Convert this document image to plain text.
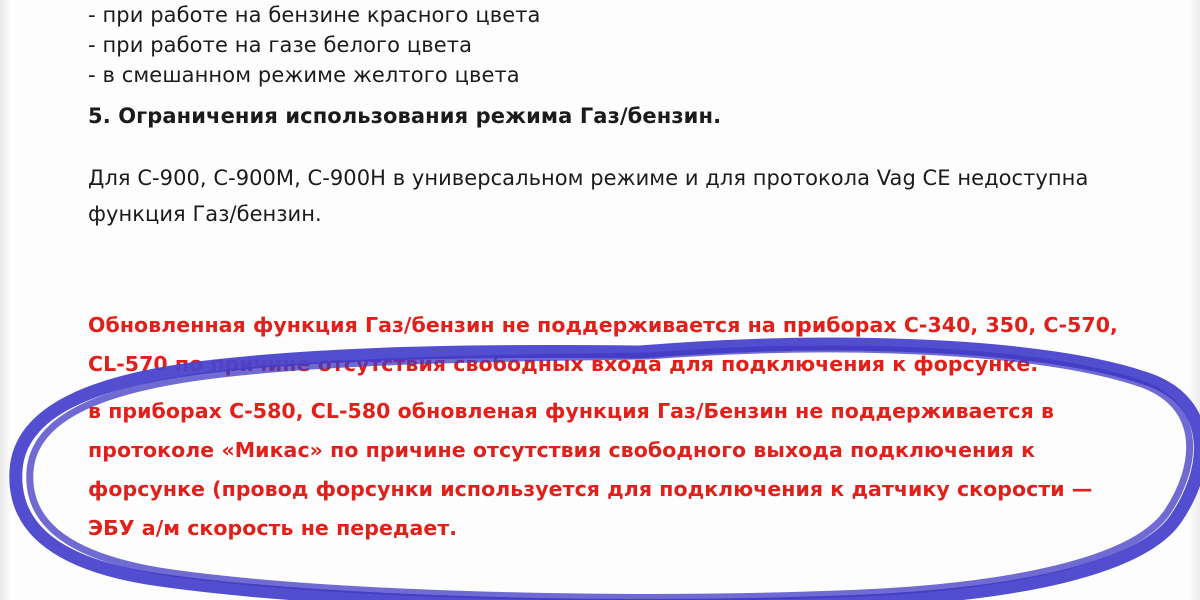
- при работе на бензине красного цвета
- при работе на газе белого цвета
- в смешанном режиме желтого цвета
5. Ограничения использования режима Газ/бензин.
Для С-900, С-900М, С-900Н в универсальном режиме и для протокола Vag CE недоступна функция Газ/бензин.
Обновленная функция Газ/бензин не поддерживается на приборах С-340, 350, С-570, CL-570 по причине отсутствия свободных входа для подключения к форсунке.
в приборах С-580, CL-580 обновленая функция Газ/Бензин не поддерживается в протоколе «Микас» по причине отсутствия свободного выхода подключения к форсунке (провод форсунки используется для подключения к датчику скорости — ЭБУ а/м скорость не передает.
